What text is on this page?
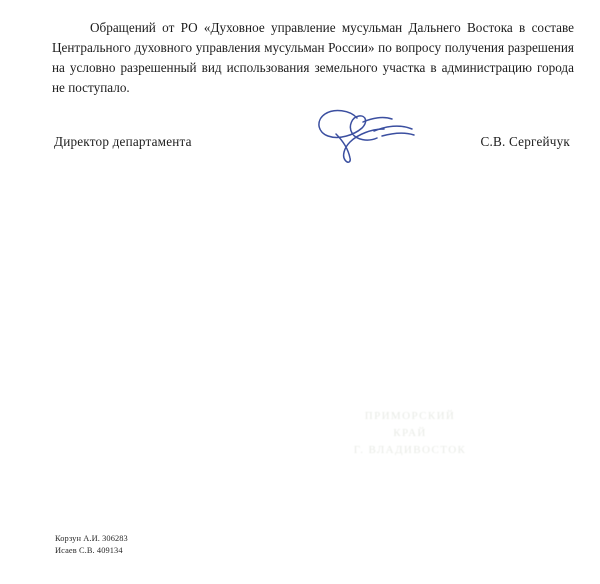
Обращений от РО «Духовное управление мусульман Дальнего Востока в составе Центрального духовного управления мусульман России» по вопросу получения разрешения на условно разрешенный вид использования земельного участка в администрацию города не поступало.

Директор департамента	С.В. Сергейчук
ПРИМОРСКИЙ
КРАЙ
Г. ВЛАДИВОСТОК
Корзун А.И. 306283
Исаев С.В. 409134
